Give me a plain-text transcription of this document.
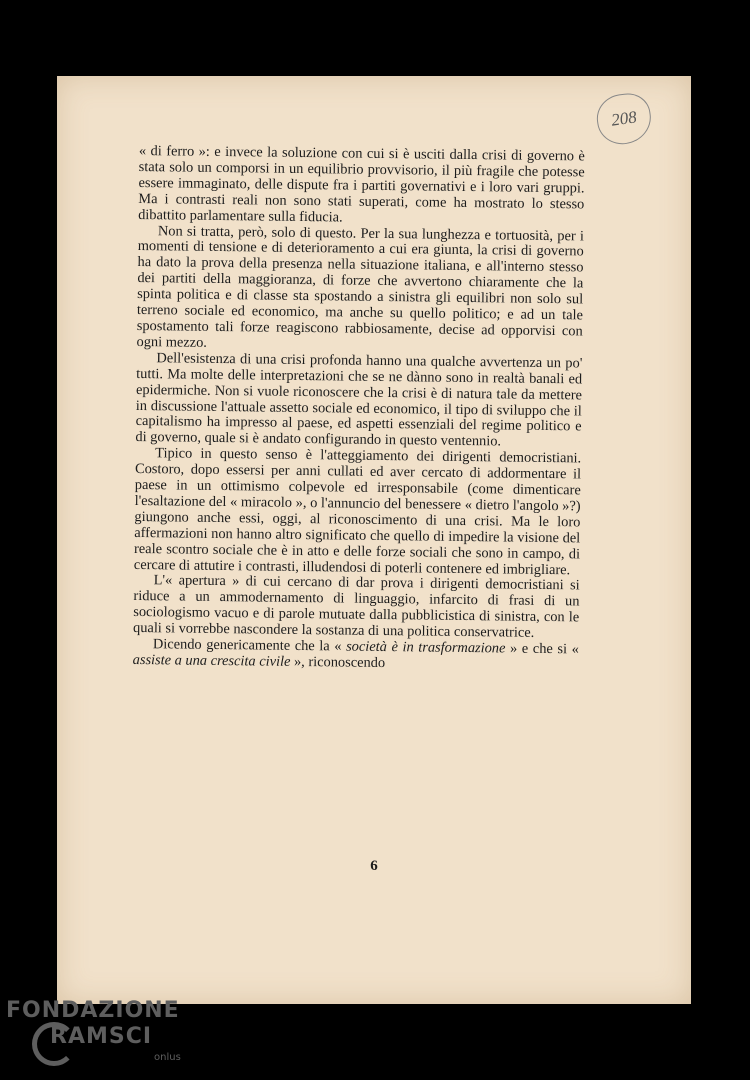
208

« di ferro »: e invece la soluzione con cui si è usciti dalla crisi di governo è stata solo un comporsi in un equilibrio provvisorio, il più fragile che potesse essere immaginato, delle dispute fra i partiti governativi e i loro vari gruppi. Ma i contrasti reali non sono stati superati, come ha mostrato lo stesso dibattito parlamentare sulla fiducia.

Non si tratta, però, solo di questo. Per la sua lunghezza e tortuosità, per i momenti di tensione e di deterioramento a cui era giunta, la crisi di governo ha dato la prova della presenza nella situazione italiana, e all'interno stesso dei partiti della maggioranza, di forze che avvertono chiaramente che la spinta politica e di classe sta spostando a sinistra gli equilibri non solo sul terreno sociale ed economico, ma anche su quello politico; e ad un tale spostamento tali forze reagiscono rabbiosamente, decise ad opporvisi con ogni mezzo.

Dell'esistenza di una crisi profonda hanno una qualche avvertenza un po' tutti. Ma molte delle interpretazioni che se ne dànno sono in realtà banali ed epidermiche. Non si vuole riconoscere che la crisi è di natura tale da mettere in discussione l'attuale assetto sociale ed economico, il tipo di sviluppo che il capitalismo ha impresso al paese, ed aspetti essenziali del regime politico e di governo, quale si è andato configurando in questo ventennio.

Tipico in questo senso è l'atteggiamento dei dirigenti democristiani. Costoro, dopo essersi per anni cullati ed aver cercato di addormentare il paese in un ottimismo colpevole ed irresponsabile (come dimenticare l'esaltazione del « miracolo », o l'annuncio del benessere « dietro l'angolo »?) giungono anche essi, oggi, al riconoscimento di una crisi. Ma le loro affermazioni non hanno altro significato che quello di impedire la visione del reale scontro sociale che è in atto e delle forze sociali che sono in campo, di cercare di attutire i contrasti, illudendosi di poterli contenere ed imbrigliare.

L'« apertura » di cui cercano di dar prova i dirigenti democristiani si riduce a un ammodernamento di linguaggio, infarcito di frasi di un sociologismo vacuo e di parole mutuate dalla pubblicistica di sinistra, con le quali si vorrebbe nascondere la sostanza di una politica conservatrice.

Dicendo genericamente che la « società è in trasformazione » e che si « assiste a una crescita civile », riconoscendo

6
FONDAZIONE
RAMSCI
onlus
